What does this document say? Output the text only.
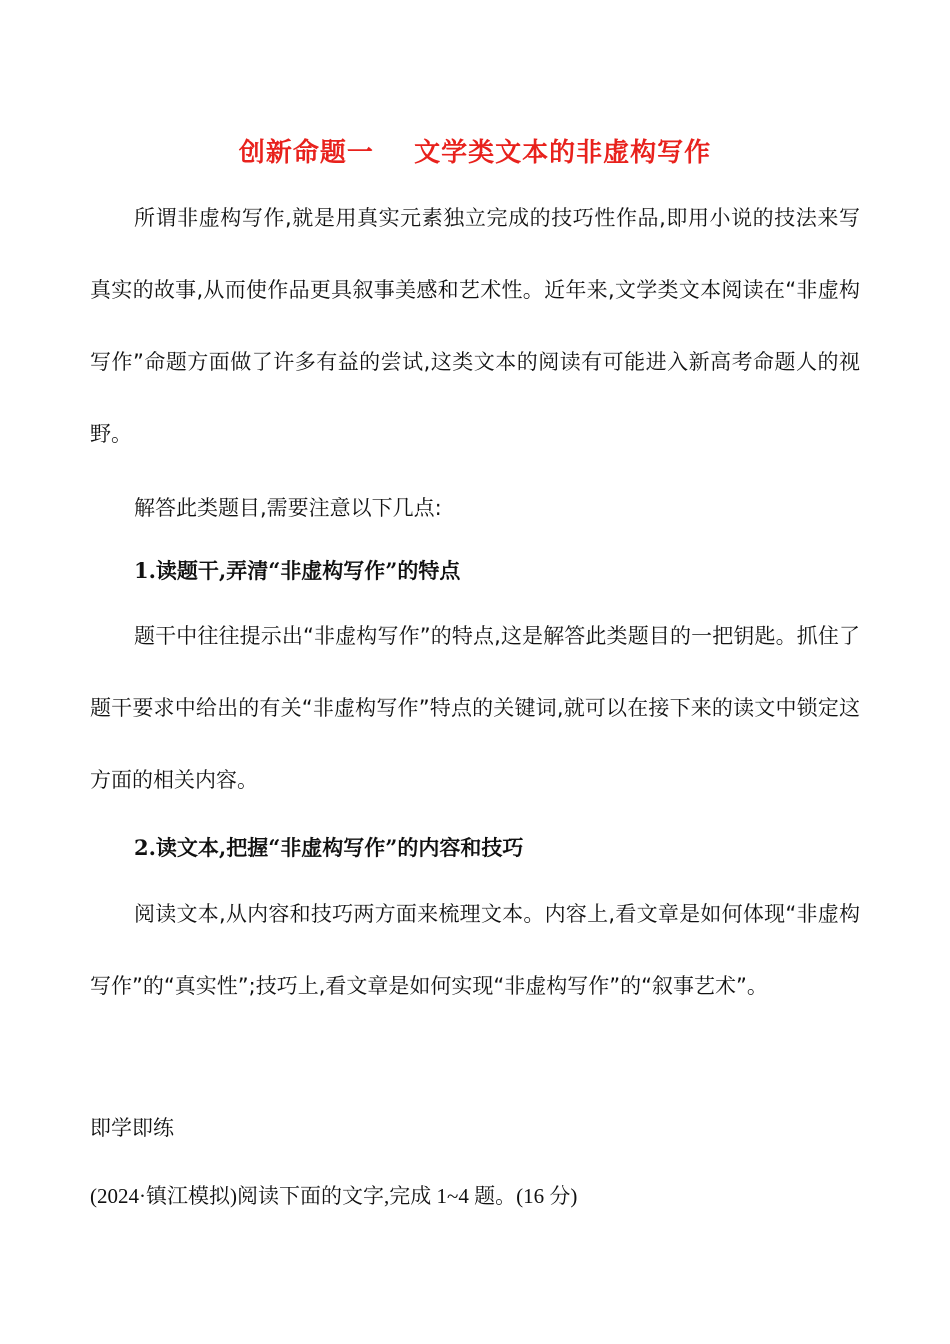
创新命题一    文学类文本的非虚构写作

所谓非虚构写作,就是用真实元素独立完成的技巧性作品,即用小说的技法来写真实的故事,从而使作品更具叙事美感和艺术性。近年来,文学类文本阅读在“非虚构写作”命题方面做了许多有益的尝试,这类文本的阅读有可能进入新高考命题人的视野。

解答此类题目,需要注意以下几点:

1.读题干,弄清“非虚构写作”的特点

题干中往往提示出“非虚构写作”的特点,这是解答此类题目的一把钥匙。抓住了题干要求中给出的有关“非虚构写作”特点的关键词,就可以在接下来的读文中锁定这方面的相关内容。

2.读文本,把握“非虚构写作”的内容和技巧

阅读文本,从内容和技巧两方面来梳理文本。内容上,看文章是如何体现“非虚构写作”的“真实性”;技巧上,看文章是如何实现“非虚构写作”的“叙事艺术”。

即学即练

(2024·镇江模拟)阅读下面的文字,完成 1~4 题。(16 分)
